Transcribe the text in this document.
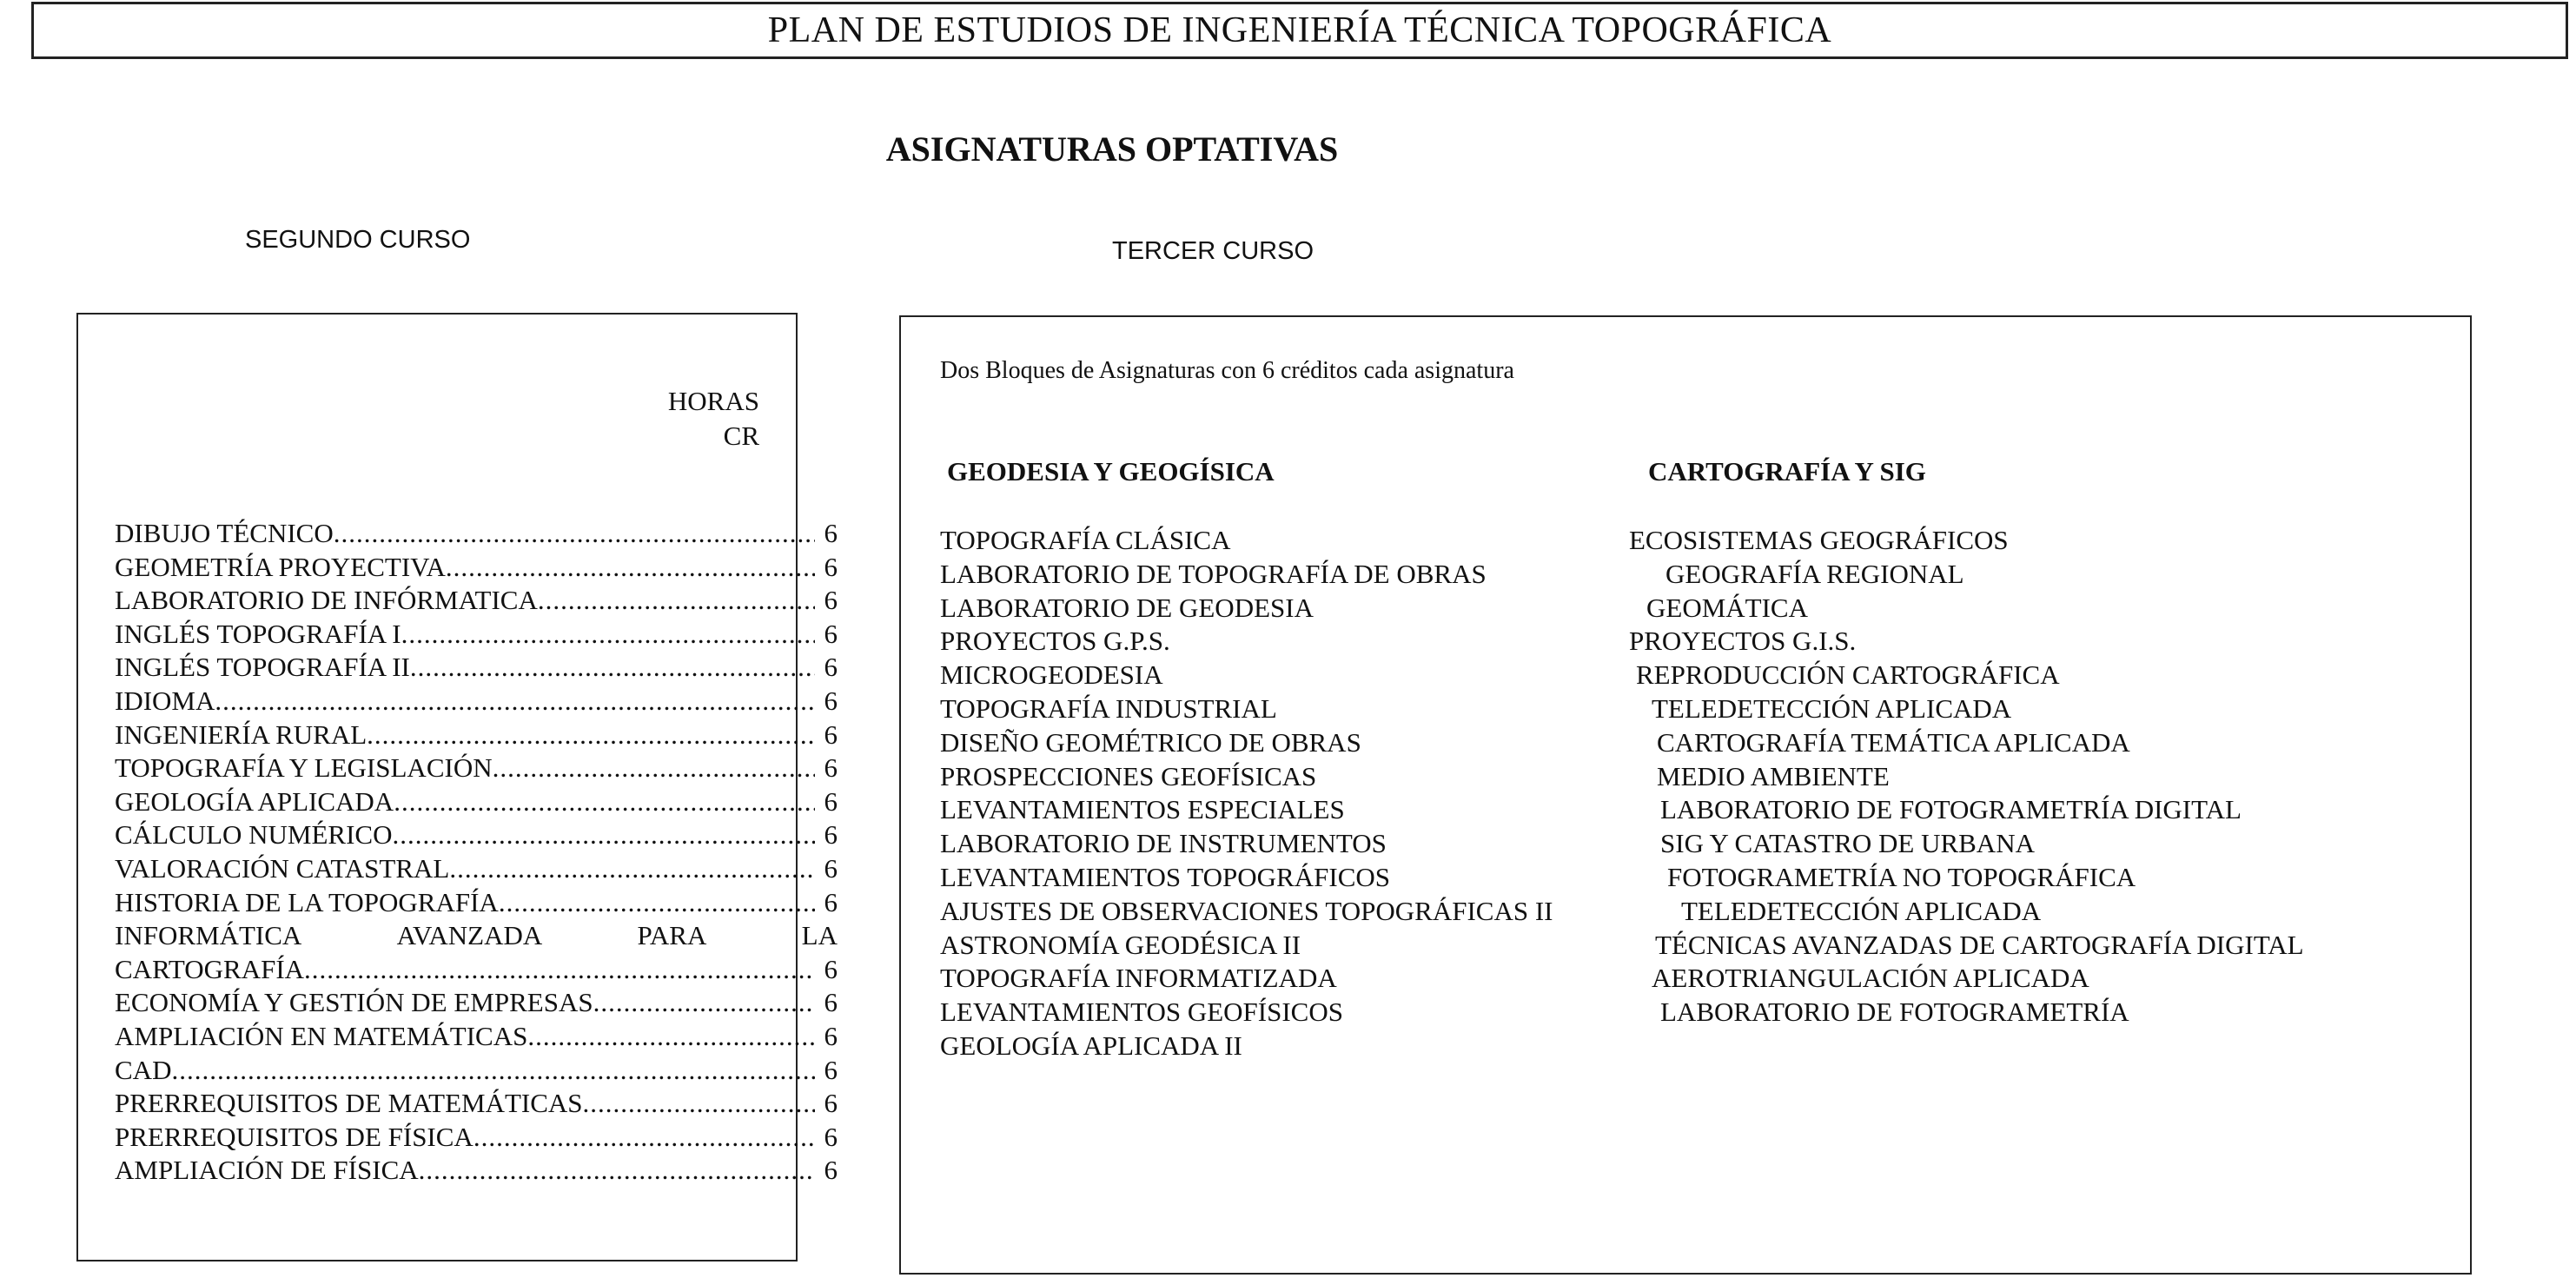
PLAN DE ESTUDIOS DE INGENIERÍA TÉCNICA TOPOGRÁFICA
ASIGNATURAS OPTATIVAS
SEGUNDO CURSO	TERCER CURSO
HORAS
CR
DIBUJO TÉCNICO .....	6
GEOMETRÍA PROYECTIVA .....	6
LABORATORIO DE INFÓRMATICA .....	6
INGLÉS TOPOGRAFÍA I .....	6
INGLÉS TOPOGRAFÍA II .....	6
IDIOMA .....	6
INGENIERÍA RURAL .....	6
TOPOGRAFÍA Y LEGISLACIÓN .....	6
GEOLOGÍA APLICADA .....	6
CÁLCULO NUMÉRICO .....	6
VALORACIÓN CATASTRAL .....	6
HISTORIA DE LA TOPOGRAFÍA .....	6
INFORMÁTICA	AVANZADA	PARA	LA
CARTOGRAFÍA .....	6
ECONOMÍA Y GESTIÓN DE EMPRESAS .....	6
AMPLIACIÓN EN MATEMÁTICAS .....	6
CAD .....	6
PRERREQUISITOS DE MATEMÁTICAS .....	6
PRERREQUISITOS DE FÍSICA .....	6
AMPLIACIÓN DE FÍSICA .....	6
Dos Bloques de Asignaturas con 6 créditos cada asignatura
GEODESIA Y GEOGÍSICA	CARTOGRAFÍA Y SIG
TOPOGRAFÍA CLÁSICA
LABORATORIO DE TOPOGRAFÍA DE OBRAS
LABORATORIO DE GEODESIA
PROYECTOS G.P.S.
MICROGEODESIA
TOPOGRAFÍA INDUSTRIAL
DISEÑO GEOMÉTRICO DE OBRAS
PROSPECCIONES GEOFÍSICAS
LEVANTAMIENTOS ESPECIALES
LABORATORIO DE INSTRUMENTOS
LEVANTAMIENTOS TOPOGRÁFICOS
AJUSTES DE OBSERVACIONES TOPOGRÁFICAS II
ASTRONOMÍA GEODÉSICA II
TOPOGRAFÍA INFORMATIZADA
LEVANTAMIENTOS GEOFÍSICOS
GEOLOGÍA APLICADA II
ECOSISTEMAS GEOGRÁFICOS
GEOGRAFÍA REGIONAL
GEOMÁTICA
PROYECTOS G.I.S.
REPRODUCCIÓN CARTOGRÁFICA
TELEDETECCIÓN APLICADA
CARTOGRAFÍA TEMÁTICA APLICADA
MEDIO AMBIENTE
LABORATORIO DE FOTOGRAMETRÍA DIGITAL
SIG Y CATASTRO DE URBANA
FOTOGRAMETRÍA NO TOPOGRÁFICA
TELEDETECCIÓN APLICADA
TÉCNICAS AVANZADAS DE CARTOGRAFÍA DIGITAL
AEROTRIANGULACIÓN APLICADA
LABORATORIO DE FOTOGRAMETRÍA
